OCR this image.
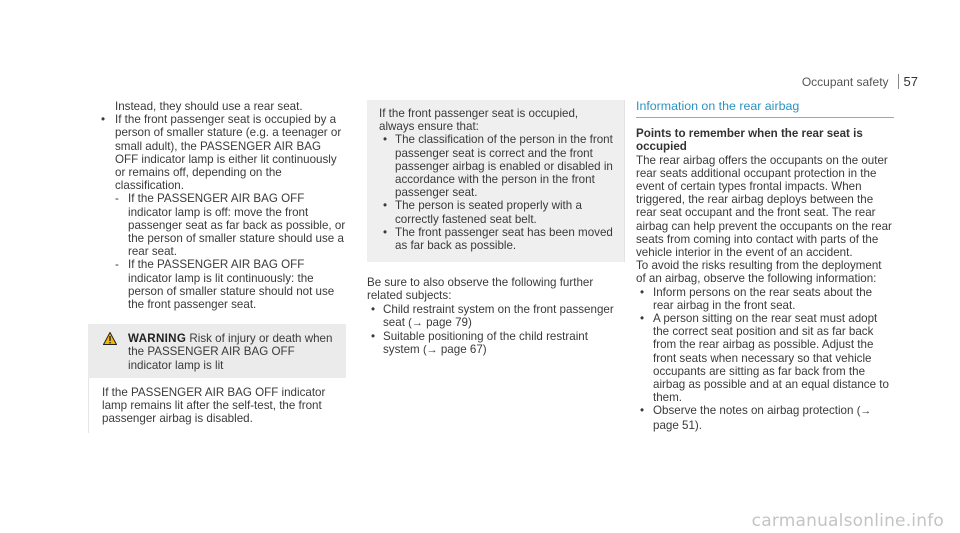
Occupant safety 57

Instead, they should use a rear seat.

• If the front passenger seat is occupied by a person of smaller stature (e.g. a teenager or small adult), the PASSENGER AIR BAG OFF indicator lamp is either lit continuously or remains off, depending on the classification.
- If the PASSENGER AIR BAG OFF indicator lamp is off: move the front passenger seat as far back as possible, or the person of smaller stature should use a rear seat.
- If the PASSENGER AIR BAG OFF indicator lamp is lit continuously: the person of smaller stature should not use the front passenger seat.
WARNING Risk of injury or death when the PASSENGER AIR BAG OFF indicator lamp is lit
If the PASSENGER AIR BAG OFF indicator lamp remains lit after the self-test, the front passenger airbag is disabled.

If the front passenger seat is occupied, always ensure that:

• The classification of the person in the front passenger seat is correct and the front passenger airbag is enabled or disabled in accordance with the person in the front passenger seat.
• The person is seated properly with a correctly fastened seat belt.
• The front passenger seat has been moved as far back as possible.

Be sure to also observe the following further related subjects:

• Child restraint system on the front passenger seat (→ page 79)
• Suitable positioning of the child restraint system (→ page 67)
Information on the rear airbag

Points to remember when the rear seat is occupied

The rear airbag offers the occupants on the outer rear seats additional occupant protection in the event of certain types frontal impacts. When triggered, the rear airbag deploys between the rear seat occupant and the front seat. The rear airbag can help prevent the occupants on the rear seats from coming into contact with parts of the vehicle interior in the event of an accident.

To avoid the risks resulting from the deployment of an airbag, observe the following information:

• Inform persons on the rear seats about the rear airbag in the front seat.
• A person sitting on the rear seat must adopt the correct seat position and sit as far back from the rear airbag as possible. Adjust the front seats when necessary so that vehicle occupants are sitting as far back from the airbag as possible and at an equal distance to them.
• Observe the notes on airbag protection (→ page 51).
carmanualsonline.info
